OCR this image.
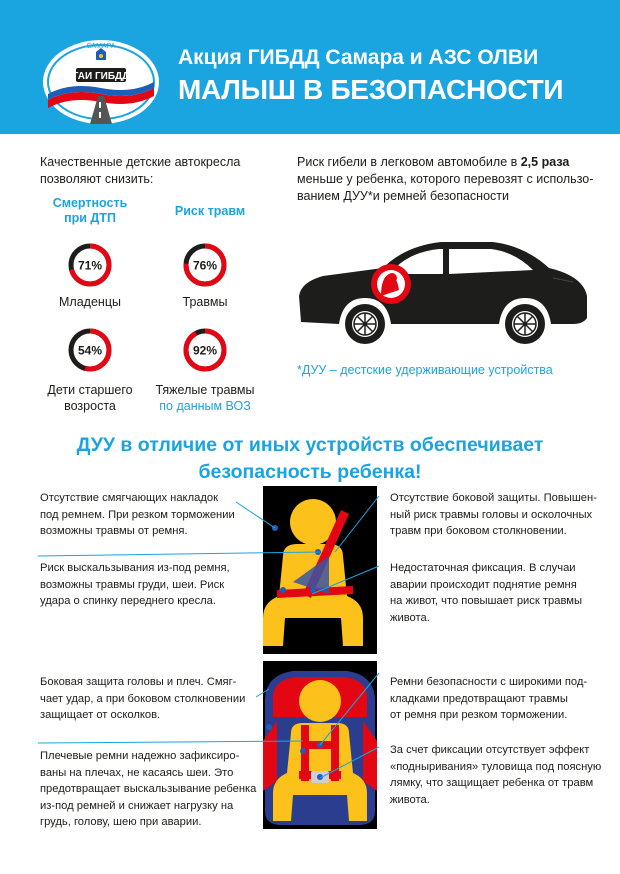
САМАРА
ГАИ ГИБДД
Акция ГИБДД Самара и АЗС ОЛВИ
МАЛЫШ В БЕЗОПАСНОСТИ
Качественные детские автокресла
позволяют снизить:
Смертность
при ДТП	Риск травм
71%
Младенцы
76%
Травмы
54%
Дети старшего
возроста
92%
Тяжелые травмы
по данным ВОЗ
Риск гибели в легковом автомобиле в 2,5 раза
меньше у ребенка, которого перевозят с использо-
ванием ДУУ*и ремней безопасности
*ДУУ – дестские удерживающие устройства
ДУУ в отличие от иных устройств обеспечивает
безопасность ребенка!
Отсутствие смягчающих накладок
под ремнем. При резком торможении
возможны травмы от ремня.
Риск выскальзывания из-под ремня,
возможны травмы груди, шеи. Риск
удара о спинку переднего кресла.
Отсутствие боковой защиты. Повышен-
ный риск травмы головы и осколочных
травм при боковом столкновении.
Недостаточная фиксация. В случаи
аварии происходит поднятие ремня
на живот, что повышает риск травмы
живота.
Боковая защита головы и плеч. Смяг-
чает удар, а при боковом столкновении
защищает от осколков.
Плечевые ремни надежно зафиксиро-
ваны на плечах, не касаясь шеи. Это
предотвращает выскальзывание ребенка
из-под ремней и снижает нагрузку на
грудь, голову, шею при аварии.
Ремни безопасности с широкими под-
кладками предотвращают травмы
от ремня при резком торможении.
За счет фиксации отсутствует эффект
«подныривания» туловища под поясную
лямку, что защищает ребенка от травм
живота.
